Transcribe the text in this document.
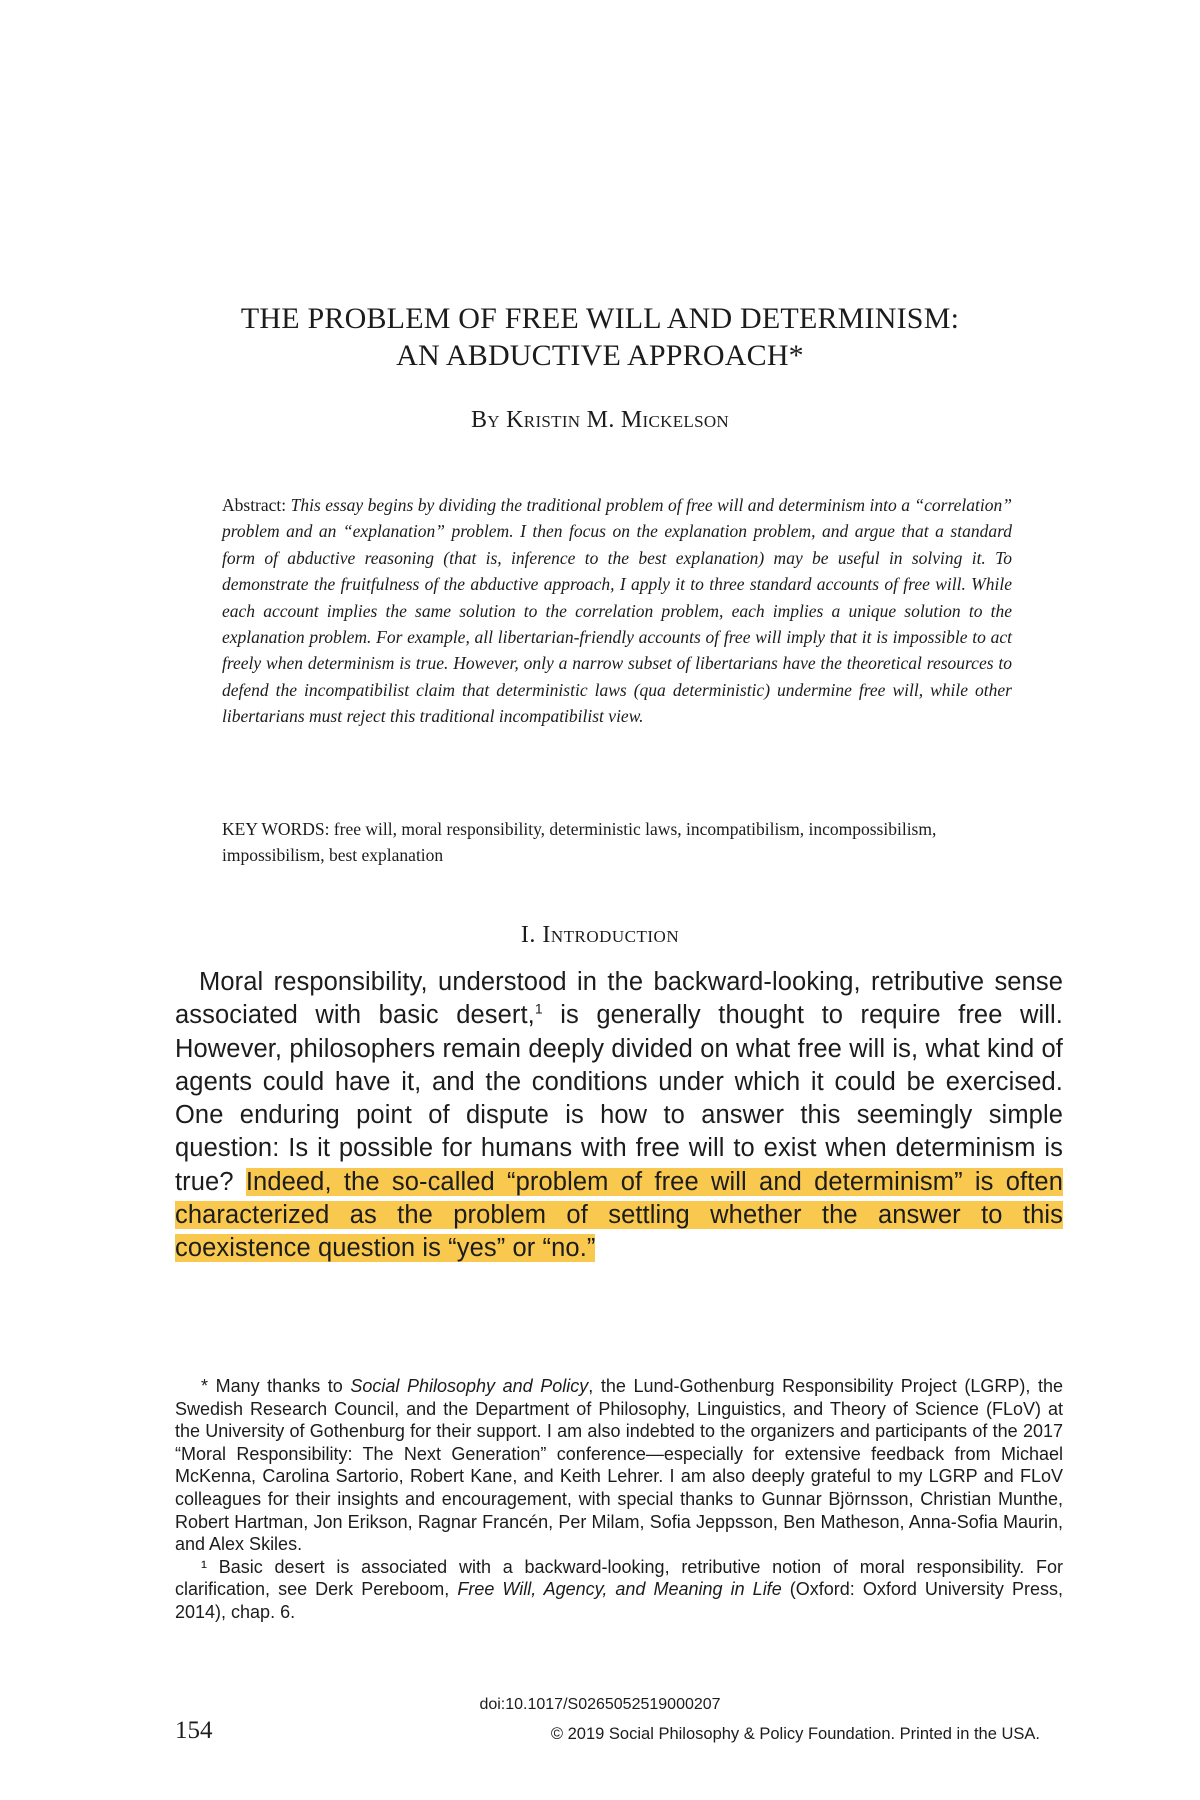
THE PROBLEM OF FREE WILL AND DETERMINISM:
AN ABDUCTIVE APPROACH*
By Kristin M. Mickelson
Abstract: This essay begins by dividing the traditional problem of free will and determinism into a “correlation” problem and an “explanation” problem. I then focus on the explanation problem, and argue that a standard form of abductive reasoning (that is, inference to the best explanation) may be useful in solving it. To demonstrate the fruitfulness of the abductive approach, I apply it to three standard accounts of free will. While each account implies the same solution to the correlation problem, each implies a unique solution to the explanation problem. For example, all libertarian-friendly accounts of free will imply that it is impossible to act freely when determinism is true. However, only a narrow subset of libertarians have the theoretical resources to defend the incompatibilist claim that deterministic laws (qua deterministic) undermine free will, while other libertarians must reject this traditional incompatibilist view.
KEY WORDS: free will, moral responsibility, deterministic laws, incompatibilism, incompossibilism, impossibilism, best explanation
I. Introduction
Moral responsibility, understood in the backward-looking, retributive sense associated with basic desert,$^1$ is generally thought to require free will. However, philosophers remain deeply divided on what free will is, what kind of agents could have it, and the conditions under which it could be exercised. One enduring point of dispute is how to answer this seemingly simple question: Is it possible for humans with free will to exist when determinism is true? Indeed, the so-called “problem of free will and determinism” is often characterized as the problem of settling whether the answer to this coexistence question is “yes” or “no.”

* Many thanks to Social Philosophy and Policy, the Lund-Gothenburg Responsibility Project (LGRP), the Swedish Research Council, and the Department of Philosophy, Linguistics, and Theory of Science (FLoV) at the University of Gothenburg for their support. I am also indebted to the organizers and participants of the 2017 “Moral Responsibility: The Next Generation” conference—especially for extensive feedback from Michael McKenna, Carolina Sartorio, Robert Kane, and Keith Lehrer. I am also deeply grateful to my LGRP and FLoV colleagues for their insights and encouragement, with special thanks to Gunnar Björnsson, Christian Munthe, Robert Hartman, Jon Erikson, Ragnar Francén, Per Milam, Sofia Jeppsson, Ben Matheson, Anna-Sofia Maurin, and Alex Skiles.

¹ Basic desert is associated with a backward-looking, retributive notion of moral responsibility. For clarification, see Derk Pereboom, Free Will, Agency, and Meaning in Life (Oxford: Oxford University Press, 2014), chap. 6.

doi:10.1017/S0265052519000207
154	© 2019 Social Philosophy & Policy Foundation. Printed in the USA.
